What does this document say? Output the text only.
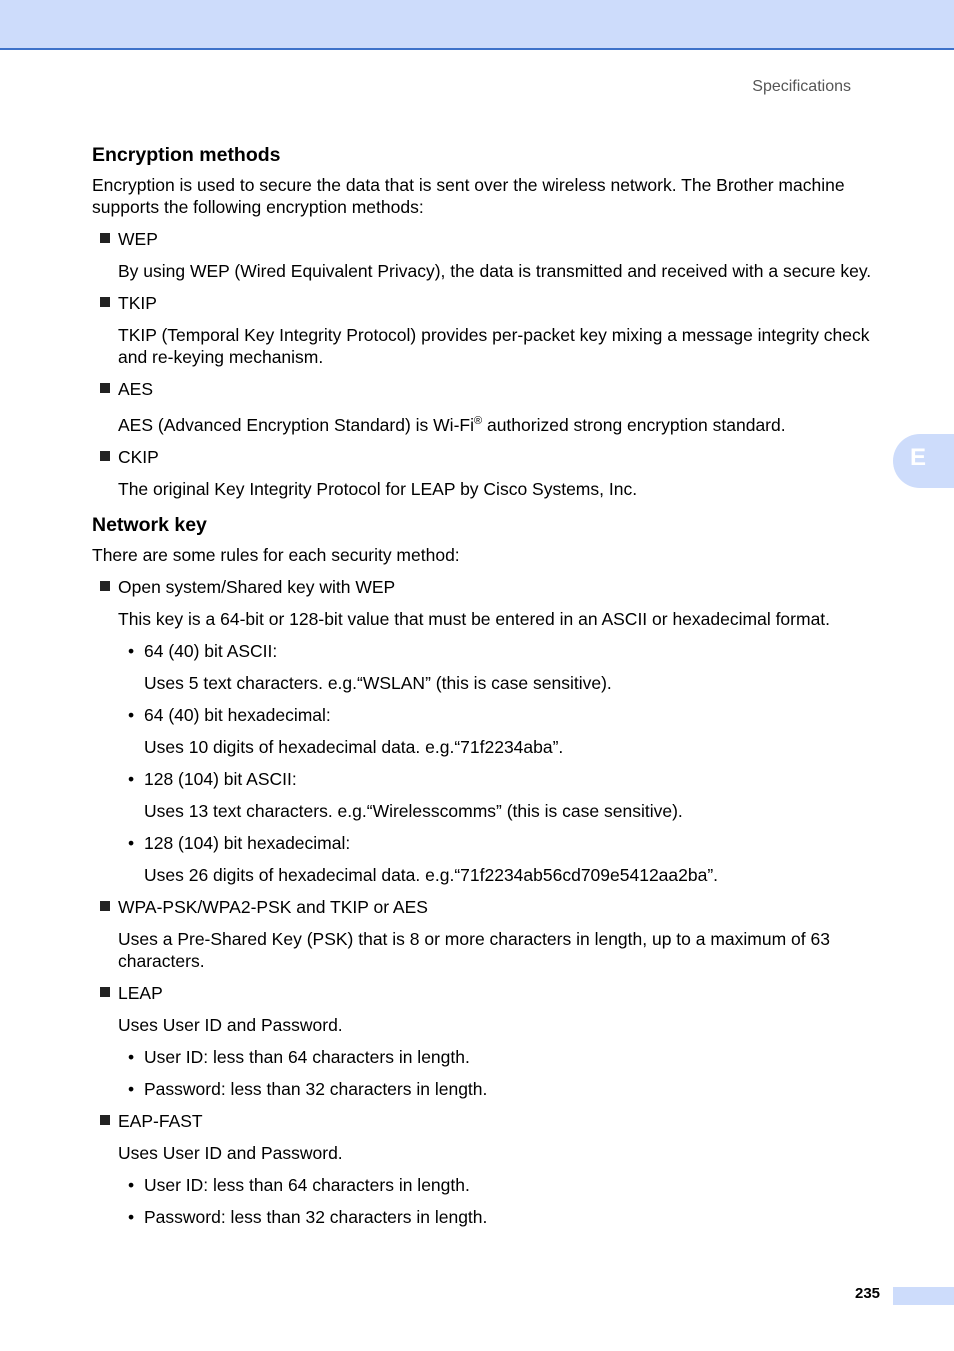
Specifications
E
Encryption methods

Encryption is used to secure the data that is sent over the wireless network. The Brother machine supports the following encryption methods:

WEP

By using WEP (Wired Equivalent Privacy), the data is transmitted and received with a secure key.

TKIP

TKIP (Temporal Key Integrity Protocol) provides per-packet key mixing a message integrity check and re-keying mechanism.

AES

AES (Advanced Encryption Standard) is Wi-Fi® authorized strong encryption standard.

CKIP

The original Key Integrity Protocol for LEAP by Cisco Systems, Inc.

Network key

There are some rules for each security method:

Open system/Shared key with WEP

This key is a 64-bit or 128-bit value that must be entered in an ASCII or hexadecimal format.

• 64 (40) bit ASCII:

Uses 5 text characters. e.g.“WSLAN” (this is case sensitive).

• 64 (40) bit hexadecimal:

Uses 10 digits of hexadecimal data. e.g.“71f2234aba”.

• 128 (104) bit ASCII:

Uses 13 text characters. e.g.“Wirelesscomms” (this is case sensitive).

• 128 (104) bit hexadecimal:

Uses 26 digits of hexadecimal data. e.g.“71f2234ab56cd709e5412aa2ba”.

WPA-PSK/WPA2-PSK and TKIP or AES

Uses a Pre-Shared Key (PSK) that is 8 or more characters in length, up to a maximum of 63 characters.

LEAP

Uses User ID and Password.

• User ID: less than 64 characters in length.
• Password: less than 32 characters in length.
EAP-FAST

Uses User ID and Password.

• User ID: less than 64 characters in length.
• Password: less than 32 characters in length.
235
